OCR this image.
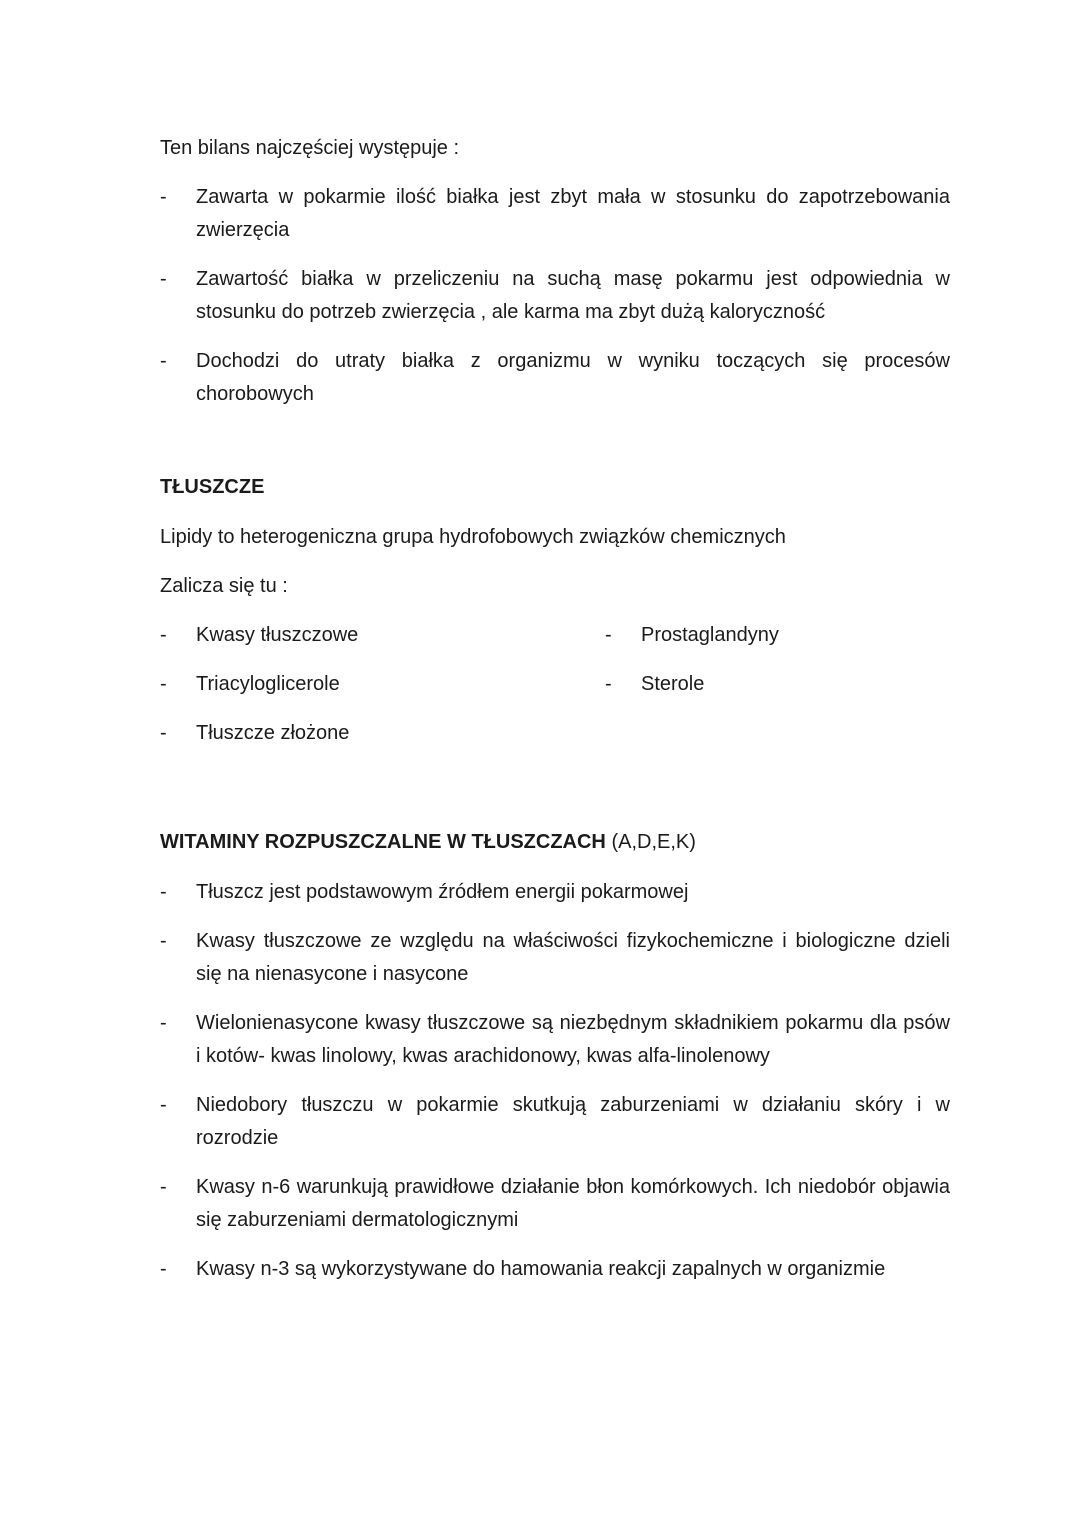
Ten bilans najczęściej występuje :

-	Zawarta w pokarmie ilość białka jest zbyt mała w stosunku do zapotrzebowania zwierzęcia
-	Zawartość białka w przeliczeniu na suchą masę pokarmu jest odpowiednia w stosunku do potrzeb zwierzęcia , ale karma ma zbyt dużą kaloryczność
-	Dochodzi do utraty białka z organizmu w wyniku toczących się procesów chorobowych
TŁUSZCZE

Lipidy to heterogeniczna grupa hydrofobowych związków chemicznych

Zalicza się tu :

-	Kwasy tłuszczowe
-	Triacyloglicerole
-	Tłuszcze złożone
-	Prostaglandyny
-	Sterole
WITAMINY ROZPUSZCZALNE W TŁUSZCZACH (A,D,E,K)
-	Tłuszcz jest podstawowym źródłem energii pokarmowej
-	Kwasy tłuszczowe ze względu na właściwości fizykochemiczne i biologiczne dzieli się na nienasycone i nasycone
-	Wielonienasycone kwasy tłuszczowe są niezbędnym składnikiem pokarmu dla psów i kotów- kwas linolowy, kwas arachidonowy, kwas alfa-linolenowy
-	Niedobory tłuszczu w pokarmie skutkują zaburzeniami w działaniu skóry i w rozrodzie
-	Kwasy n-6 warunkują prawidłowe działanie błon komórkowych. Ich niedobór objawia się zaburzeniami dermatologicznymi
-	Kwasy n-3 są wykorzystywane do hamowania reakcji zapalnych w organizmie
